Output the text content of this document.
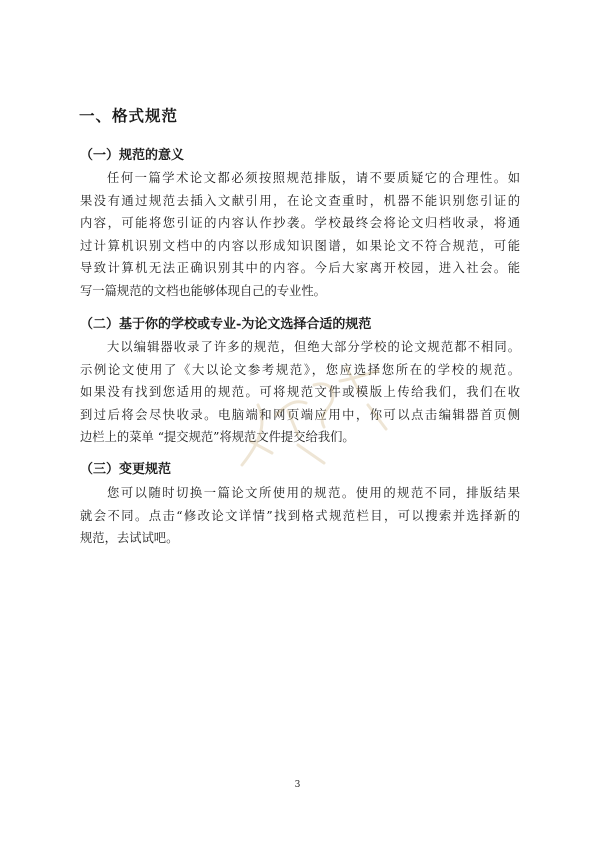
一、格式规范
（一）规范的意义
任何一篇学术论文都必须按照规范排版，请不要质疑它的合理性。如
果没有通过规范去插入文献引用，在论文查重时，机器不能识别您引证的
内容，可能将您引证的内容认作抄袭。学校最终会将论文归档收录，将通
过计算机识别文档中的内容以形成知识图谱，如果论文不符合规范，可能
导致计算机无法正确识别其中的内容。今后大家离开校园，进入社会。能
写一篇规范的文档也能够体现自己的专业性。
（二）基于你的学校或专业-为论文选择合适的规范
大以编辑器收录了许多的规范，但绝大部分学校的论文规范都不相同。
示例论文使用了《大以论文参考规范》，您应选择您所在的学校的规范。
如果没有找到您适用的规范。可将规范文件或模版上传给我们，我们在收
到过后将会尽快收录。电脑端和网页端应用中，你可以点击编辑器首页侧
边栏上的菜单 “提交规范”将规范文件提交给我们。
（三）变更规范
您可以随时切换一篇论文所使用的规范。使用的规范不同，排版结果
就会不同。点击“修改论文详情”找到格式规范栏目，可以搜索并选择新的
规范，去试试吧。

3
